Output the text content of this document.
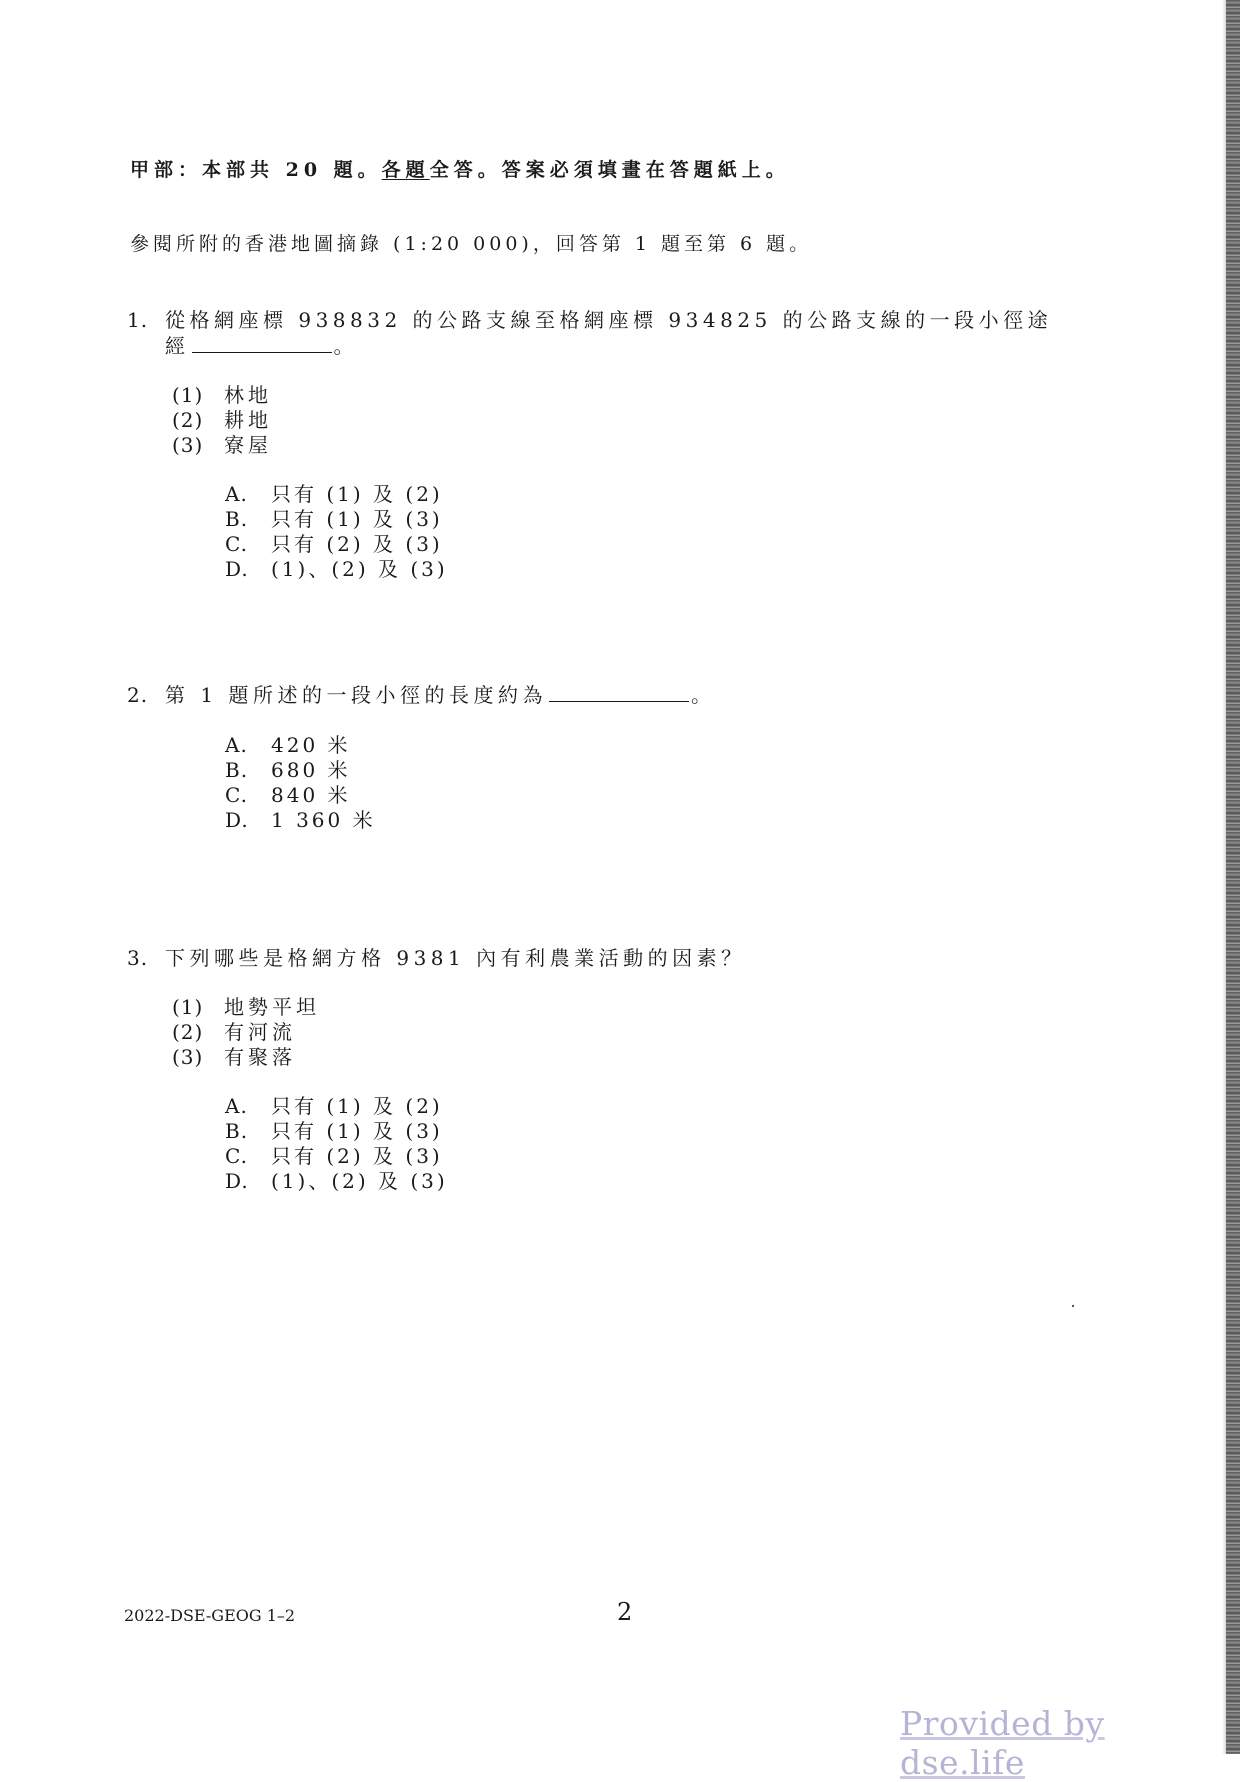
甲部：本部共 20 題。各題全答。答案必須填畫在答題紙上。
參閱所附的香港地圖摘錄 (1:20 000)，回答第 1 題至第 6 題。
1. 從格網座標 938832 的公路支線至格網座標 934825 的公路支線的一段小徑途
經	。
(1) 林地
(2) 耕地
(3) 寮屋
A. 只有 (1) 及 (2)
B. 只有 (1) 及 (3)
C. 只有 (2) 及 (3)
D. (1)、(2) 及 (3)
2. 第 1 題所述的一段小徑的長度約為	。
A. 420 米
B. 680 米
C. 840 米
D. 1 360 米
3. 下列哪些是格網方格 9381 內有利農業活動的因素？
(1) 地勢平坦
(2) 有河流
(3) 有聚落
A. 只有 (1) 及 (2)
B. 只有 (1) 及 (3)
C. 只有 (2) 及 (3)
D. (1)、(2) 及 (3)
2022-DSE-GEOG 1–2	2
Provided by dse.life
